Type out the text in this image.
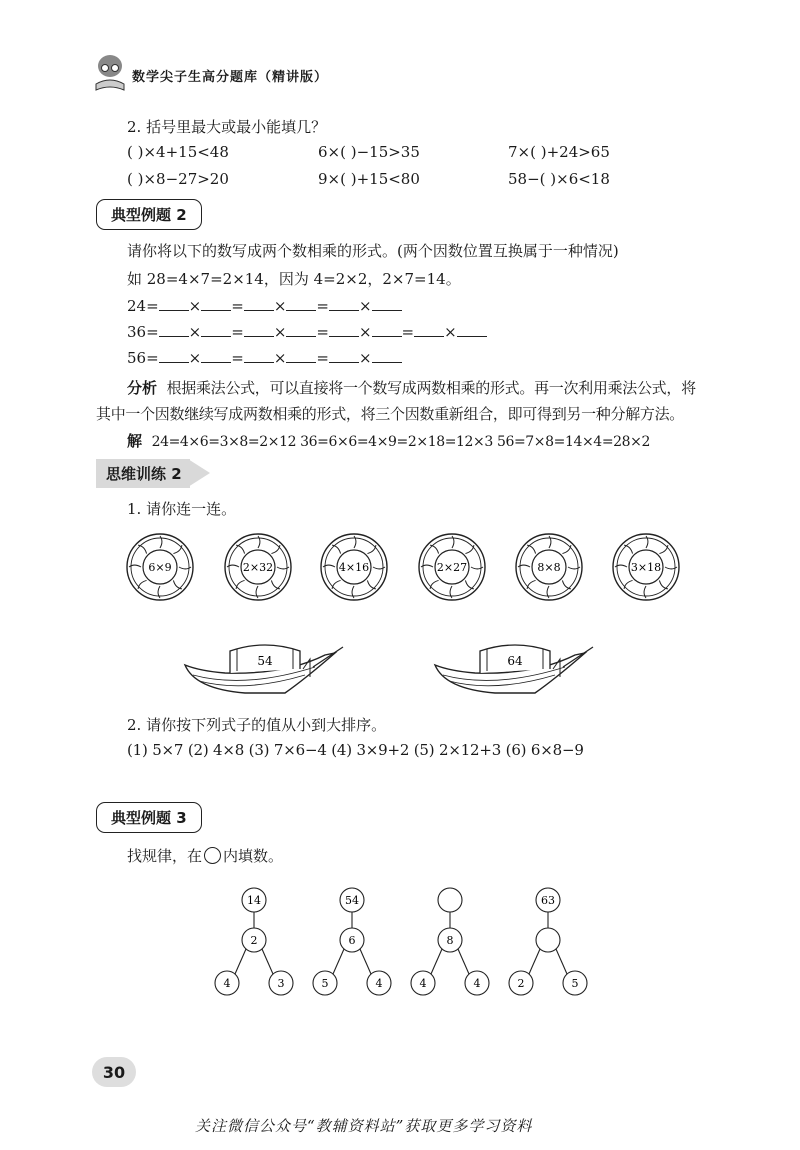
数学尖子生高分题库（精讲版）
2. 括号里最大或最小能填几？
( )×4+15<48	6×( )−15>35	7×( )+24>65
( )×8−27>20	9×( )+15<80	58−( )×6<18
典型例题 2
请你将以下的数写成两个数相乘的形式。(两个因数位置互换属于一种情况)
如 28=4×7=2×14，因为 4=2×2，2×7=14。
24= × = × = ×
36= × = × = × = ×
56= × = × = ×
分析 根据乘法公式，可以直接将一个数写成两数相乘的形式。再一次利用乘法公式，将
其中一个因数继续写成两数相乘的形式，将三个因数重新组合，即可得到另一种分解方法。
解 24=4×6=3×8=2×12 36=6×6=4×9=2×18=12×3 56=7×8=14×4=28×2
思维训练 2
1. 请你连一连。
6×9	2×32	4×16	2×27	8×8	3×18
54	64
2. 请你按下列式子的值从小到大排序。
(1) 5×7 (2) 4×8 (3) 7×6−4 (4) 3×9+2 (5) 2×12+3 (6) 6×8−9
典型例题 3
找规律，在 内填数。
14
2
4	3
54
6
5	4
8
4	4
63
2	5
30
关注微信公众号“教辅资料站”获取更多学习资料
